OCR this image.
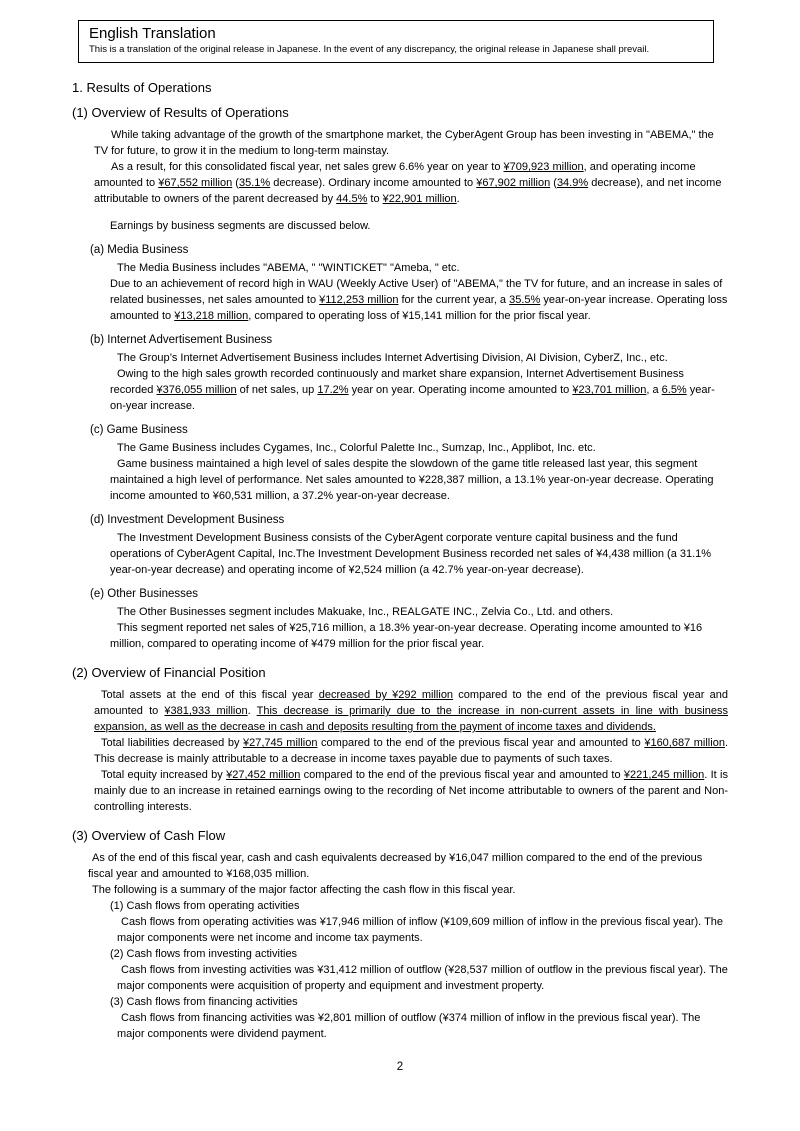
English Translation
This is a translation of the original release in Japanese. In the event of any discrepancy, the original release in Japanese shall prevail.
1. Results of Operations
(1) Overview of Results of Operations

While taking advantage of the growth of the smartphone market, the CyberAgent Group has been investing in "ABEMA," the TV for future, to grow it in the medium to long-term mainstay.

As a result, for this consolidated fiscal year, net sales grew 6.6% year on year to ¥709,923 million, and operating income amounted to ¥67,552 million (35.1% decrease). Ordinary income amounted to ¥67,902 million (34.9% decrease), and net income attributable to owners of the parent decreased by 44.5% to ¥22,901 million.

Earnings by business segments are discussed below.

(a) Media Business

The Media Business includes "ABEMA, " "WINTICKET" "Ameba, " etc.

Due to an achievement of record high in WAU (Weekly Active User) of "ABEMA," the TV for future, and an increase in sales of related businesses, net sales amounted to ¥112,253 million for the current year, a 35.5% year-on-year increase. Operating loss amounted to ¥13,218 million, compared to operating loss of ¥15,141 million for the prior fiscal year.

(b) Internet Advertisement Business

The Group’s Internet Advertisement Business includes Internet Advertising Division, AI Division, CyberZ, Inc., etc.

Owing to the high sales growth recorded continuously and market share expansion, Internet Advertisement Business recorded ¥376,055 million of net sales, up 17.2% year on year. Operating income amounted to ¥23,701 million, a 6.5% year-on-year increase.

(c) Game Business

The Game Business includes Cygames, Inc., Colorful Palette Inc., Sumzap, Inc., Applibot, Inc. etc.

Game business maintained a high level of sales despite the slowdown of the game title released last year, this segment maintained a high level of performance. Net sales amounted to ¥228,387 million, a 13.1% year-on-year decrease. Operating income amounted to ¥60,531 million, a 37.2% year-on-year decrease.

(d) Investment Development Business

The Investment Development Business consists of the CyberAgent corporate venture capital business and the fund operations of CyberAgent Capital, Inc.The Investment Development Business recorded net sales of ¥4,438 million (a 31.1% year-on-year decrease) and operating income of ¥2,524 million (a 42.7% year-on-year decrease).

(e) Other Businesses

The Other Businesses segment includes Makuake, Inc., REALGATE INC., Zelvia Co., Ltd. and others.

This segment reported net sales of ¥25,716 million, a 18.3% year-on-year decrease. Operating income amounted to ¥16 million, compared to operating income of ¥479 million for the prior fiscal year.

(2) Overview of Financial Position

Total assets at the end of this fiscal year decreased by ¥292 million compared to the end of the previous fiscal year and amounted to ¥381,933 million. This decrease is primarily due to the increase in non-current assets in line with business expansion, as well as the decrease in cash and deposits resulting from the payment of income taxes and dividends.

Total liabilities decreased by ¥27,745 million compared to the end of the previous fiscal year and amounted to ¥160,687 million. This decrease is mainly attributable to a decrease in income taxes payable due to payments of such taxes.

Total equity increased by ¥27,452 million compared to the end of the previous fiscal year and amounted to ¥221,245 million. It is mainly due to an increase in retained earnings owing to the recording of Net income attributable to owners of the parent and Non-controlling interests.

(3) Overview of Cash Flow

As of the end of this fiscal year, cash and cash equivalents decreased by ¥16,047 million compared to the end of the previous fiscal year and amounted to ¥168,035 million.

The following is a summary of the major factor affecting the cash flow in this fiscal year.

(1) Cash flows from operating activities

Cash flows from operating activities was ¥17,946 million of inflow (¥109,609 million of inflow in the previous fiscal year). The major components were net income and income tax payments.

(2) Cash flows from investing activities

Cash flows from investing activities was ¥31,412 million of outflow (¥28,537 million of outflow in the previous fiscal year). The major components were acquisition of property and equipment and investment property.

(3) Cash flows from financing activities

Cash flows from financing activities was ¥2,801 million of outflow (¥374 million of inflow in the previous fiscal year). The major components were dividend payment.

2
